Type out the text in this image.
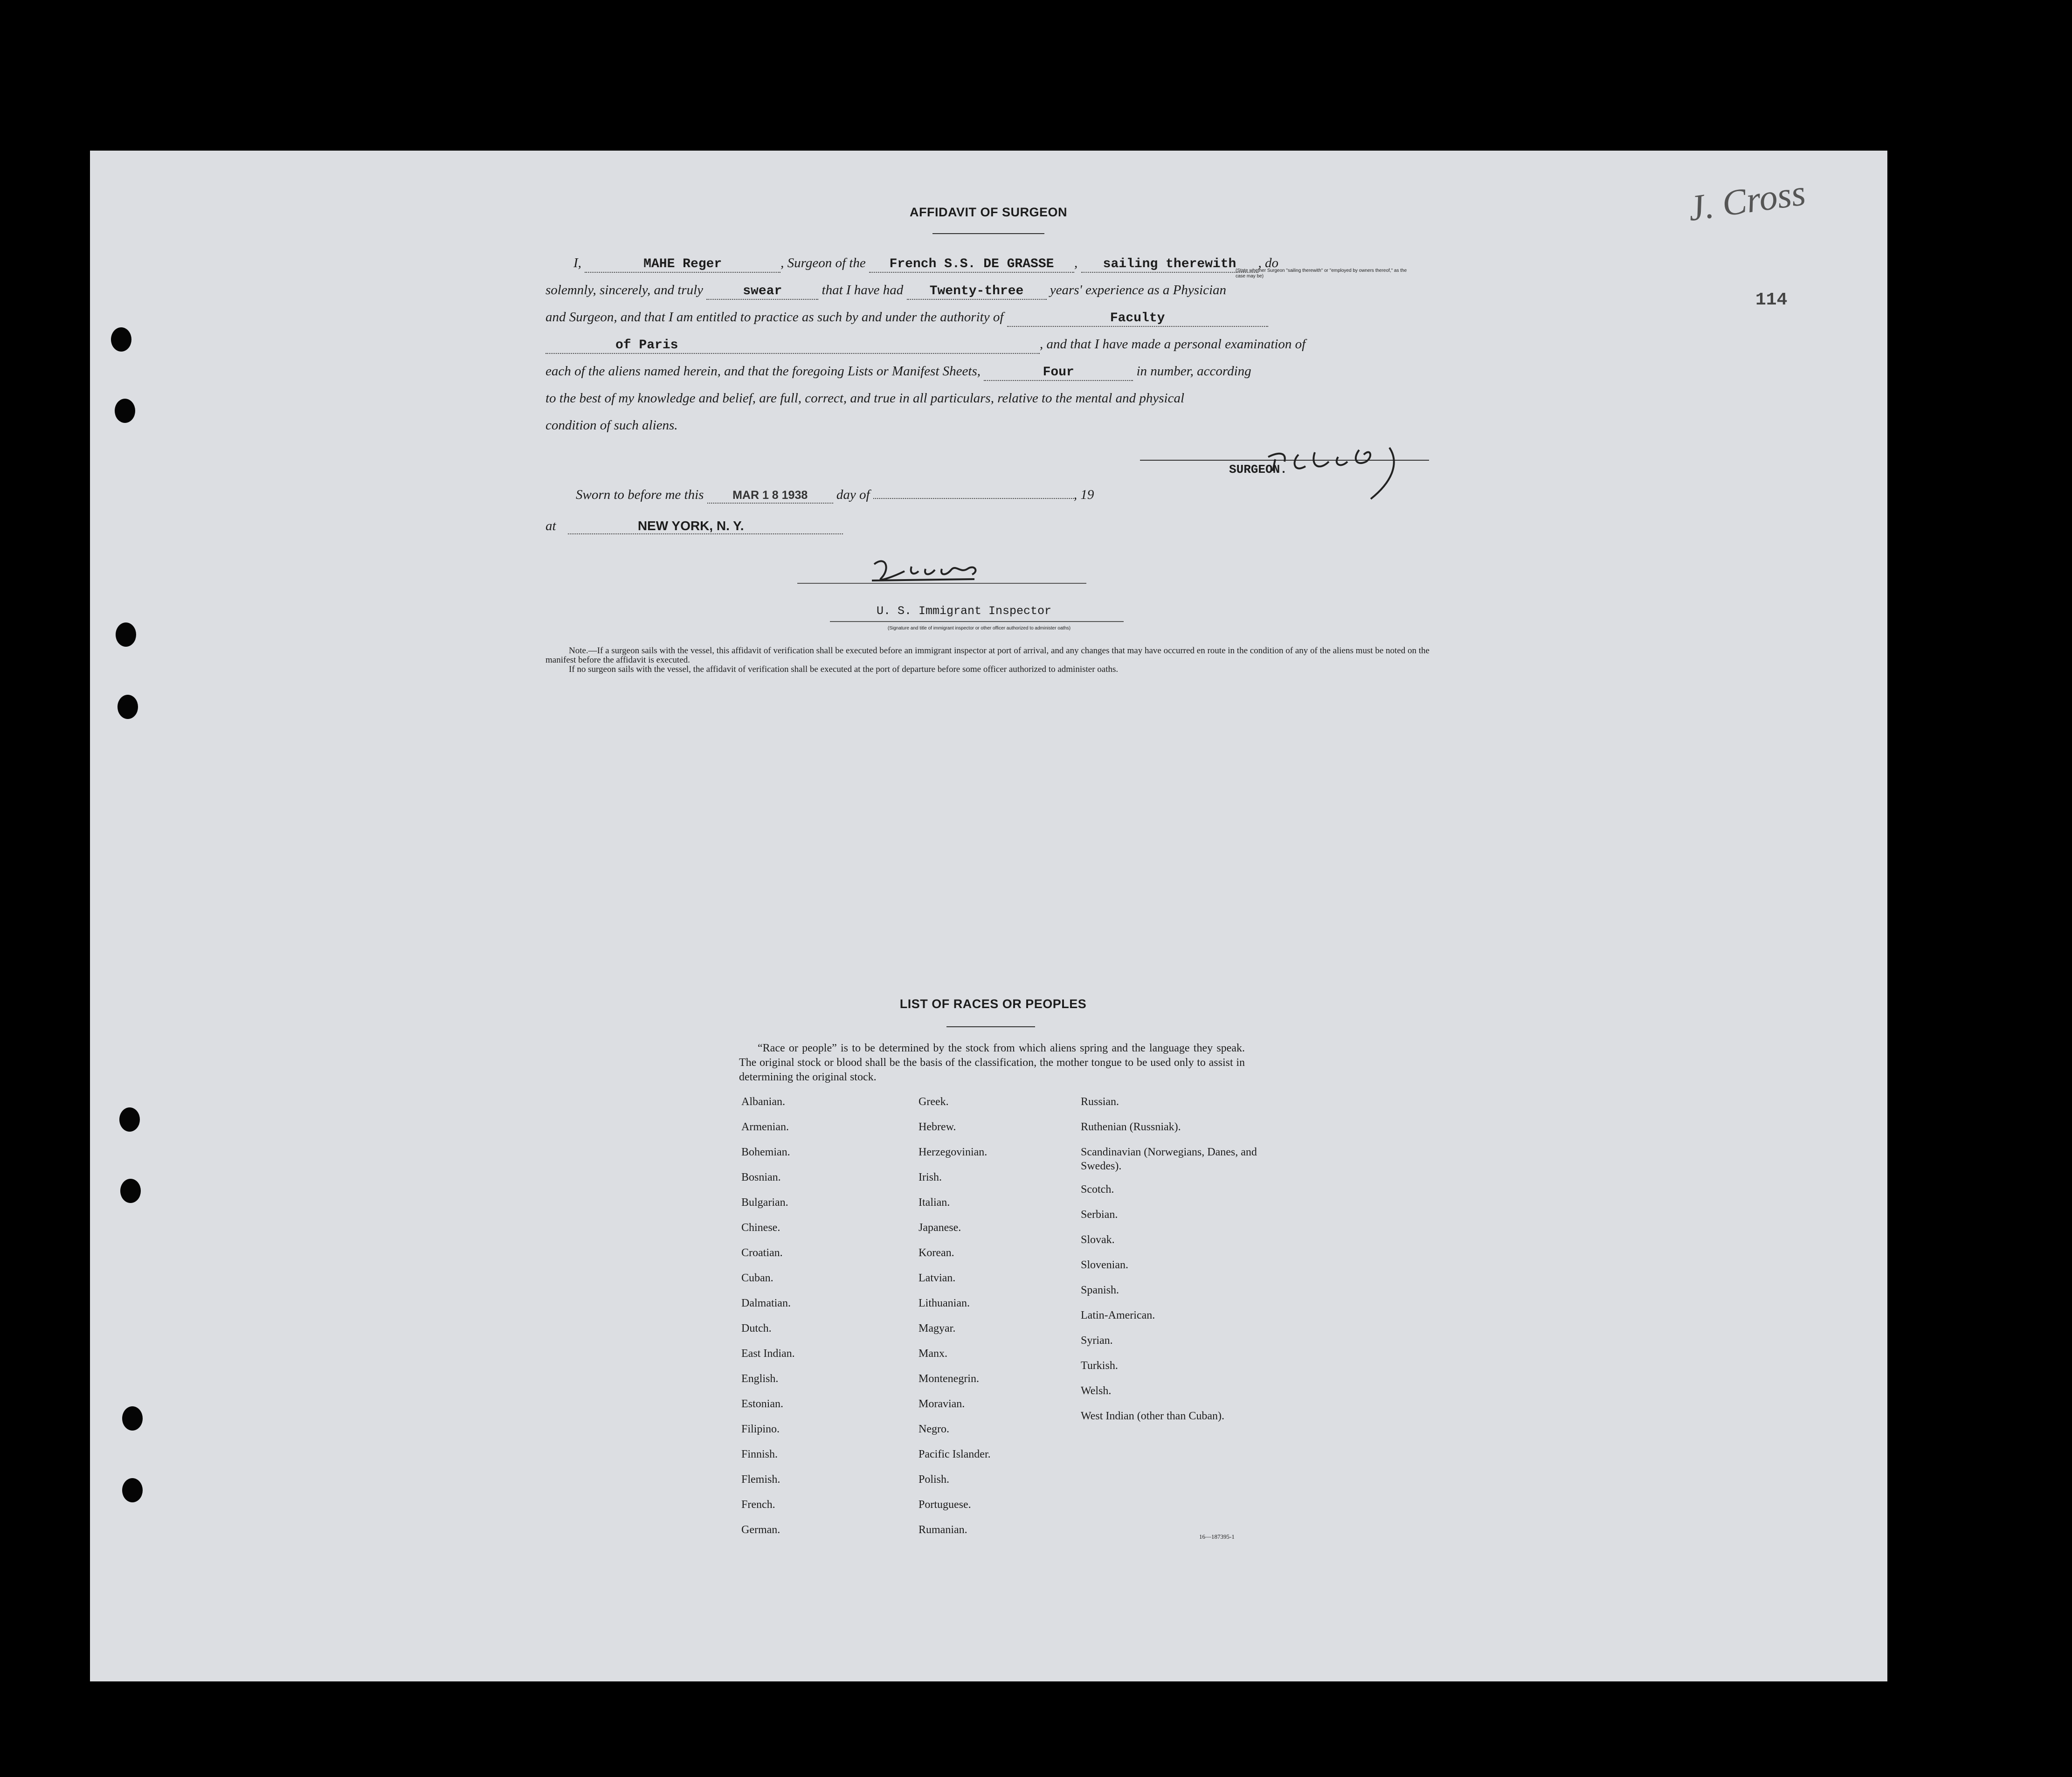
J. Cross
114
AFFIDAVIT OF SURGEON
I,	MAHE Reger	, Surgeon of the French S.S. DE GRASSE , sailing therewith , do
(State whether Surgeon "sailing therewith" or "employed by owners thereof," as the case may be)
solemnly, sincerely, and truly	swear	that I have had Twenty-three years' experience as a Physician
and Surgeon, and that I am entitled to practice as such by and under the authority of	Faculty
of Paris	, and that I have made a personal examination of
each of the aliens named herein, and that the foregoing Lists or Manifest Sheets,	Four	in number, according
to the best of my knowledge and belief, are full, correct, and true in all particulars, relative to the mental and physical
condition of such aliens.
SURGEON.
Sworn to before me this MAR 1 8 1938 day of	, 19
at	NEW YORK, N. Y.
U. S. Immigrant Inspector
(Signature and title of immigrant inspector or other officer authorized to administer oaths)
Note.—If a surgeon sails with the vessel, this affidavit of verification shall be executed before an immigrant inspector at port of arrival, and any changes that may have occurred en route in the condition of any of the aliens must be noted on the manifest before the affidavit is executed.
If no surgeon sails with the vessel, the affidavit of verification shall be executed at the port of departure before some officer authorized to administer oaths.
LIST OF RACES OR PEOPLES
“Race or people” is to be determined by the stock from which aliens spring and the language they speak. The original stock or blood shall be the basis of the classification, the mother tongue to be used only to assist in determining the original stock.
Albanian.
Armenian.
Bohemian.
Bosnian.
Bulgarian.
Chinese.
Croatian.
Cuban.
Dalmatian.
Dutch.
East Indian.
English.
Estonian.
Filipino.
Finnish.
Flemish.
French.
German.
Greek.
Hebrew.
Herzegovinian.
Irish.
Italian.
Japanese.
Korean.
Latvian.
Lithuanian.
Magyar.
Manx.
Montenegrin.
Moravian.
Negro.
Pacific Islander.
Polish.
Portuguese.
Rumanian.
Russian.
Ruthenian (Russniak).
Scandinavian (Norwegians, Danes, and Swedes).
Scotch.
Serbian.
Slovak.
Slovenian.
Spanish.
Latin-American.
Syrian.
Turkish.
Welsh.
West Indian (other than Cuban).
16—187395-1
